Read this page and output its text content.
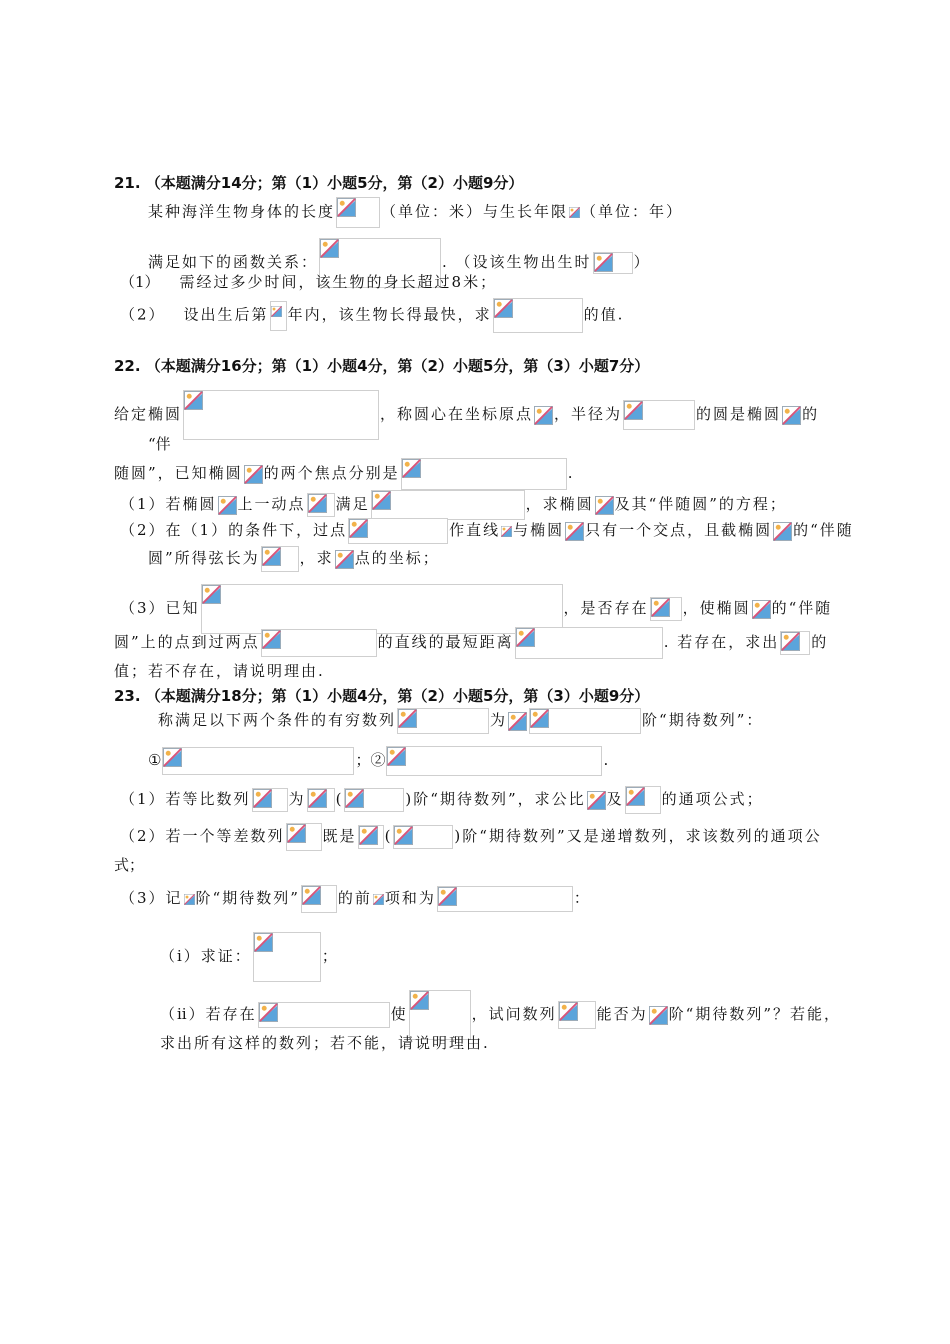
21. （本题满分14分；第（1）小题5分，第（2）小题9分）
某种海洋生物身体的长度	（单位：米）与生长年限 （单位：年）
满足如下的函数关系：	. （设该生物出生时	）
（1） 需经过多少时间，该生物的身长超过8米；
（2） 设出生后第 年内，该生物长得最快，求	的值.
22. （本题满分16分；第（1）小题4分，第（2）小题5分，第（3）小题7分）
给定椭圆	，称圆心在坐标原点 ，半径为	的圆是椭圆 的
“伴
随圆”，已知椭圆 的两个焦点分别是	.
（1）若椭圆 上一动点 满足	，求椭圆 及其“伴随圆”的方程；
（2）在（1）的条件下，过点	作直线 与椭圆 只有一个交点，且截椭圆 的“伴随
圆”所得弦长为	，求 点的坐标；
（3）已知	，是否存在 ，使椭圆 的“伴随
圆”上的点到过两点	的直线的最短距离	. 若存在，求出 的
值；若不存在，请说明理由.
23. （本题满分18分；第（1）小题4分，第（2）小题5分，第（3）小题9分）
称满足以下两个条件的有穷数列	为	阶“期待数列”：
①	；②	.
（1）若等比数列	为 (	)阶“期待数列”，求公比 及	的通项公式；
（2）若一个等差数列	既是 (	)阶“期待数列”又是递增数列，求该数列的通项公
式；
（3）记 阶“期待数列”	的前 项和为	：
（ⅰ）求证：	；
（ⅱ）若存在	使	，试问数列	能否为 阶“期待数列”？若能，
求出所有这样的数列；若不能，请说明理由.
